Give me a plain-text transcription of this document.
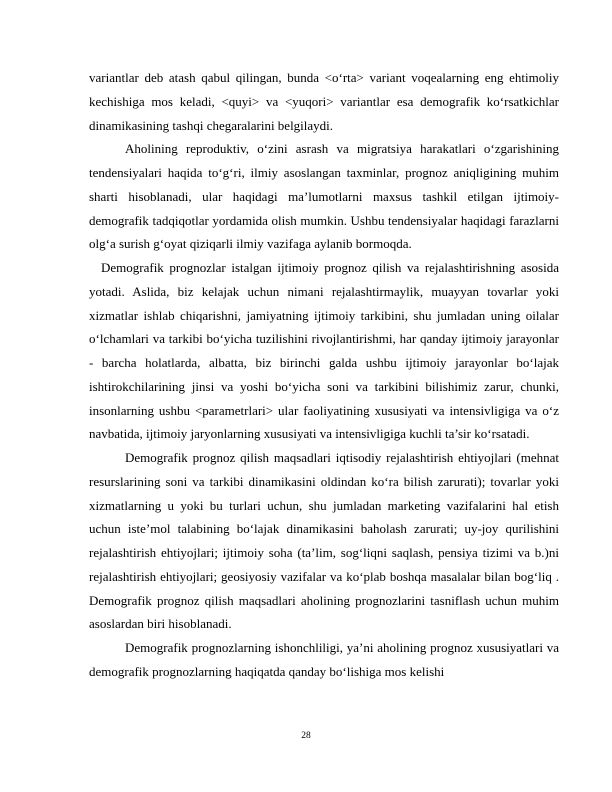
variantlar deb atash qabul qilingan, bunda <o‘rta> variant voqealarning eng ehtimoliy kechishiga mos keladi, <quyi> va <yuqori> variantlar esa demografik ko‘rsatkichlar dinamikasining tashqi chegaralarini belgilaydi.

Aholining reproduktiv, o‘zini asrash va migratsiya harakatlari o‘zgarishining tendensiyalari haqida to‘g‘ri, ilmiy asoslangan taxminlar, prognoz aniqligining muhim sharti hisoblanadi, ular haqidagi ma’lumotlarni maxsus tashkil etilgan ijtimoiy-demografik tadqiqotlar yordamida olish mumkin. Ushbu tendensiyalar haqidagi farazlarni olg‘a surish g‘oyat qiziqarli ilmiy vazifaga aylanib bormoqda.

Demografik prognozlar istalgan ijtimoiy prognoz qilish va rejalashtirishning asosida yotadi. Aslida, biz kelajak uchun nimani rejalashtirmaylik, muayyan tovarlar yoki xizmatlar ishlab chiqarishni, jamiyatning ijtimoiy tarkibini, shu jumladan uning oilalar o‘lchamlari va tarkibi bo‘yicha tuzilishini rivojlantirishmi, har qanday ijtimoiy jarayonlar - barcha holatlarda, albatta, biz birinchi galda ushbu ijtimoiy jarayonlar bo‘lajak ishtirokchilarining jinsi va yoshi bo‘yicha soni va tarkibini bilishimiz zarur, chunki, insonlarning ushbu <parametrlari> ular faoliyatining xususiyati va intensivligiga va o‘z navbatida, ijtimoiy jaryonlarning xususiyati va intensivligiga kuchli ta’sir ko‘rsatadi.

Demografik prognoz qilish maqsadlari iqtisodiy rejalashtirish ehtiyojlari (mehnat resurslarining soni va tarkibi dinamikasini oldindan ko‘ra bilish zarurati); tovarlar yoki xizmatlarning u yoki bu turlari uchun, shu jumladan marketing vazifalarini hal etish uchun iste’mol talabining bo‘lajak dinamikasini baholash zarurati; uy-joy qurilishini rejalashtirish ehtiyojlari; ijtimoiy soha (ta’lim, sog‘liqni saqlash, pensiya tizimi va b.)ni rejalashtirish ehtiyojlari; geosiyosiy vazifalar va ko‘plab boshqa masalalar bilan bog‘liq . Demografik prognoz qilish maqsadlari aholining prognozlarini tasniflash uchun muhim asoslardan biri hisoblanadi.

Demografik prognozlarning ishonchliligi, ya’ni aholining prognoz xususiyatlari va demografik prognozlarning haqiqatda qanday bo‘lishiga mos kelishi

28
